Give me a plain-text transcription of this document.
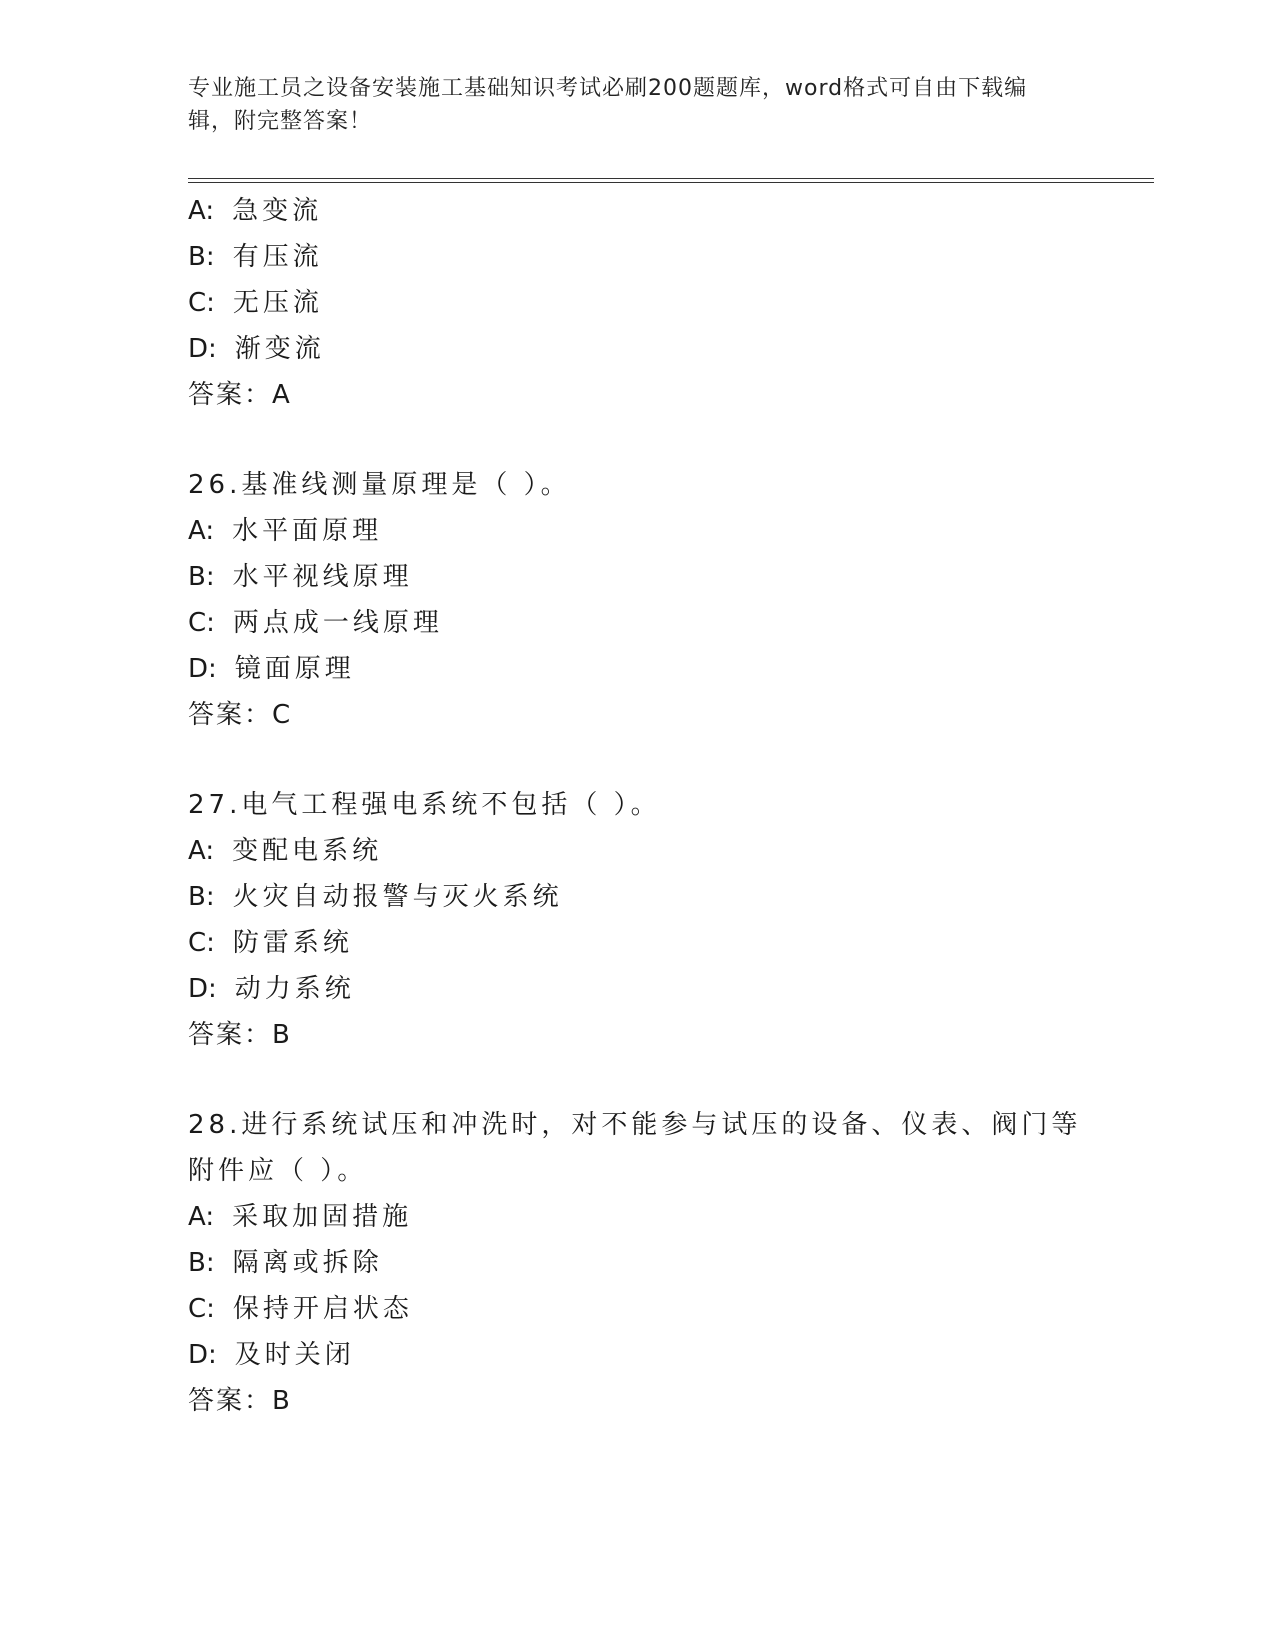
专业施工员之设备安装施工基础知识考试必刷200题题库，word格式可自由下载编辑，附完整答案！
A: 急变流
B: 有压流
C: 无压流
D: 渐变流
答案：A
26.基准线测量原理是（ ）。
A: 水平面原理
B: 水平视线原理
C: 两点成一线原理
D: 镜面原理
答案：C
27.电气工程强电系统不包括（ ）。
A: 变配电系统
B: 火灾自动报警与灭火系统
C: 防雷系统
D: 动力系统
答案：B
28.进行系统试压和冲洗时，对不能参与试压的设备、仪表、阀门等附件应（ ）。
A: 采取加固措施
B: 隔离或拆除
C: 保持开启状态
D: 及时关闭
答案：B
